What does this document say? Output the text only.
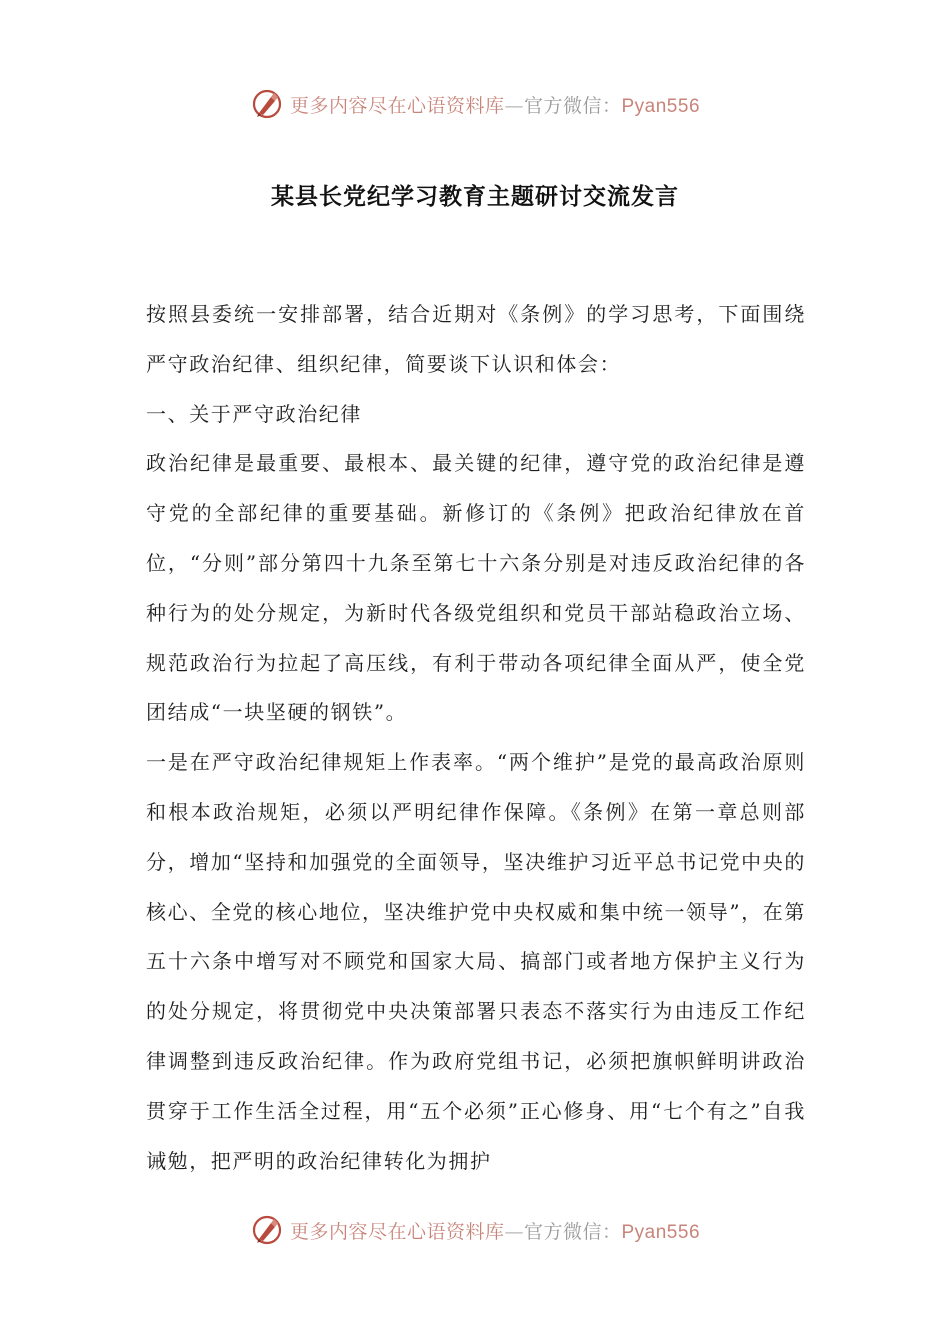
更多内容尽在心语资料库—官方微信：Pyan556
某县长党纪学习教育主题研讨交流发言

按照县委统一安排部署，结合近期对《条例》的学习思考，下面围绕严守政治纪律、组织纪律，简要谈下认识和体会：

一、关于严守政治纪律

政治纪律是最重要、最根本、最关键的纪律，遵守党的政治纪律是遵守党的全部纪律的重要基础。新修订的《条例》把政治纪律放在首位，“分则”部分第四十九条至第七十六条分别是对违反政治纪律的各种行为的处分规定，为新时代各级党组织和党员干部站稳政治立场、规范政治行为拉起了高压线，有利于带动各项纪律全面从严，使全党团结成“一块坚硬的钢铁”。

一是在严守政治纪律规矩上作表率。“两个维护”是党的最高政治原则和根本政治规矩，必须以严明纪律作保障。《条例》在第一章总则部分，增加“坚持和加强党的全面领导，坚决维护习近平总书记党中央的核心、全党的核心地位，坚决维护党中央权威和集中统一领导”，在第五十六条中增写对不顾党和国家大局、搞部门或者地方保护主义行为的处分规定，将贯彻党中央决策部署只表态不落实行为由违反工作纪律调整到违反政治纪律。作为政府党组书记，必须把旗帜鲜明讲政治贯穿于工作生活全过程，用“五个必须”正心修身、用“七个有之”自我诫勉，把严明的政治纪律转化为拥护

更多内容尽在心语资料库—官方微信：Pyan556
